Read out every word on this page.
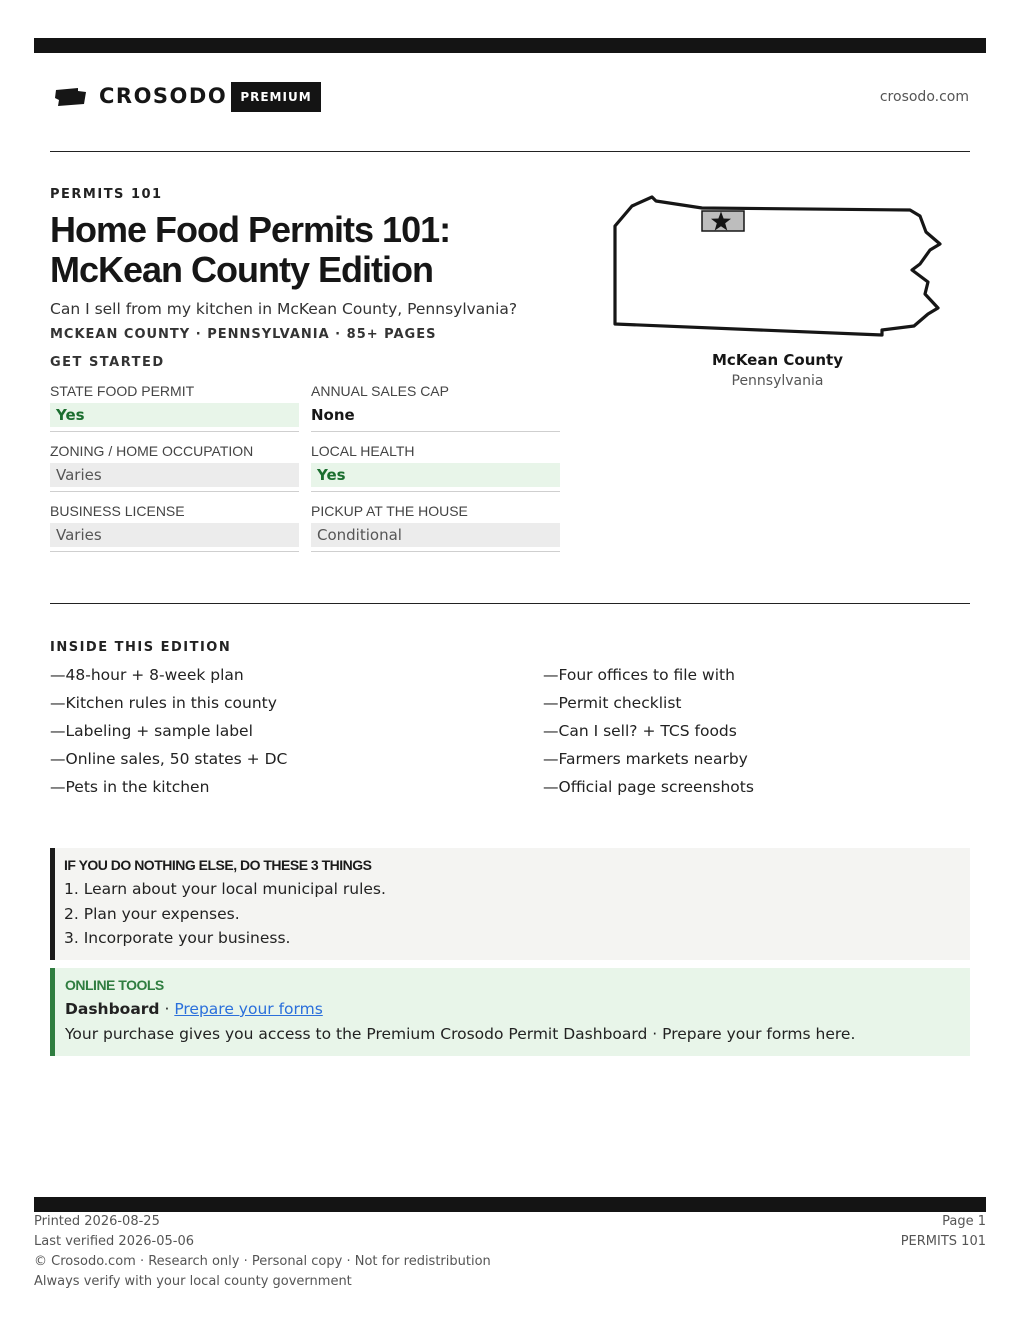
CROSODO	PREMIUM	crosodo.com
PERMITS 101
Home Food Permits 101: McKean County Edition
Can I sell from my kitchen in McKean County, Pennsylvania?
MCKEAN COUNTY · PENNSYLVANIA · 85+ PAGES
GET STARTED
STATE FOOD PERMIT
Yes
ANNUAL SALES CAP
None
ZONING / HOME OCCUPATION
Varies
LOCAL HEALTH
Yes
BUSINESS LICENSE
Varies
PICKUP AT THE HOUSE
Conditional
McKean County
Pennsylvania
INSIDE THIS EDITION
—48-hour + 8-week plan	—Four offices to file with
—Kitchen rules in this county	—Permit checklist
—Labeling + sample label	—Can I sell? + TCS foods
—Online sales, 50 states + DC	—Farmers markets nearby
—Pets in the kitchen	—Official page screenshots
IF YOU DO NOTHING ELSE, DO THESE 3 THINGS
1. Learn about your local municipal rules.
2. Plan your expenses.
3. Incorporate your business.
ONLINE TOOLS
Dashboard · Prepare your forms
Your purchase gives you access to the Premium Crosodo Permit Dashboard · Prepare your forms here.
Printed 2026-08-25
Last verified 2026-05-06
© Crosodo.com · Research only · Personal copy · Not for redistribution
Always verify with your local county government
Page 1
PERMITS 101
